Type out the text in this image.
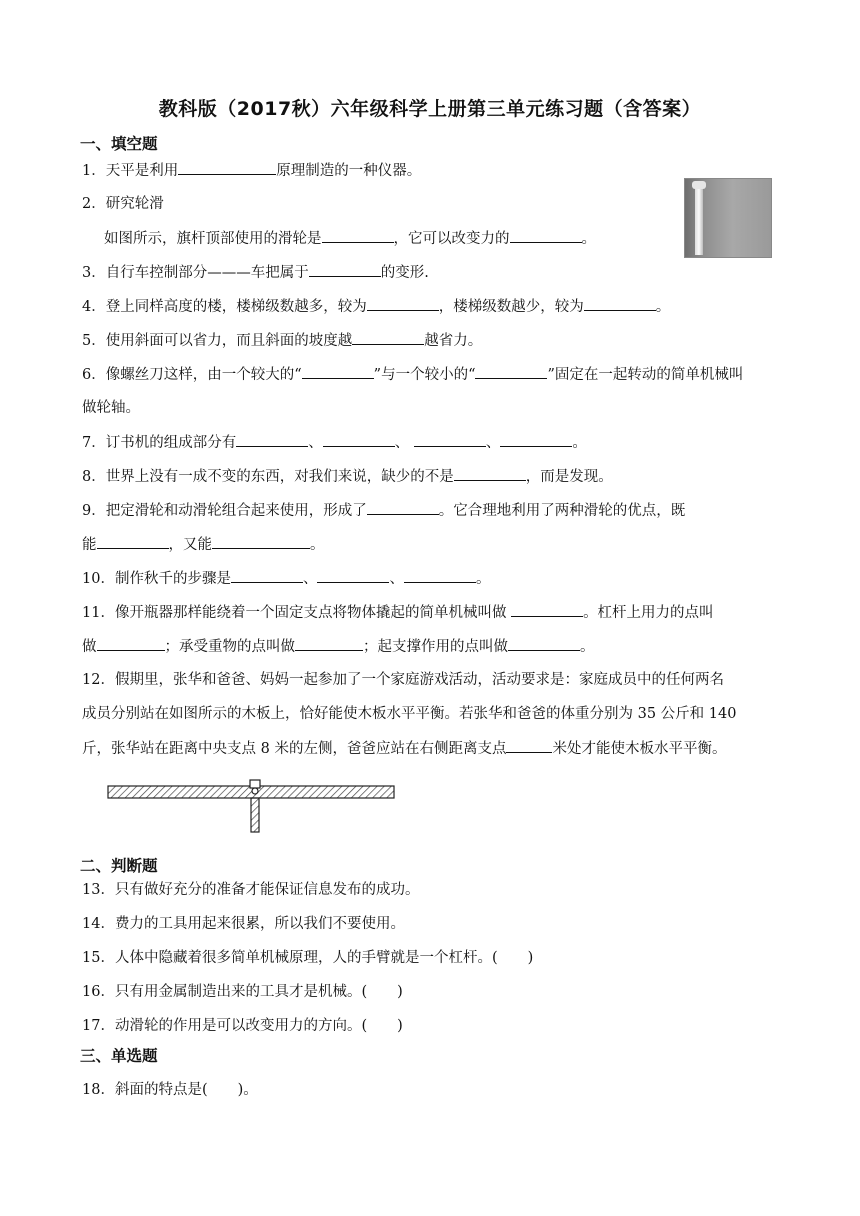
教科版（2017秋）六年级科学上册第三单元练习题（含答案）
一、填空题
1．天平是利用	原理制造的一种仪器。
2．研究轮滑
如图所示，旗杆顶部使用的滑轮是	，它可以改变力的	。
3．自行车控制部分———车把属于	的变形.
4．登上同样高度的楼，楼梯级数越多，较为	，楼梯级数越少，较为	。
5．使用斜面可以省力，而且斜面的坡度越	越省力。
6．像螺丝刀这样，由一个较大的“	”与一个较小的“	”固定在一起转动的简单机械叫
做轮轴。
7．订书机的组成部分有	、	、	、	。
8．世界上没有一成不变的东西，对我们来说，缺少的不是	，而是发现。
9．把定滑轮和动滑轮组合起来使用，形成了	。它合理地利用了两种滑轮的优点，既
能	，又能	。
10．制作秋千的步骤是	、	、	。
11．像开瓶器那样能绕着一个固定支点将物体撬起的简单机械叫做	。杠杆上用力的点叫
做	；承受重物的点叫做	；起支撑作用的点叫做	。
12．假期里，张华和爸爸、妈妈一起参加了一个家庭游戏活动，活动要求是：家庭成员中的任何两名
成员分别站在如图所示的木板上，恰好能使木板水平平衡。若张华和爸爸的体重分别为 35 公斤和 140
斤，张华站在距离中央支点 8 米的左侧，爸爸应站在右侧距离支点	米处才能使木板水平平衡。
二、判断题
13．只有做好充分的准备才能保证信息发布的成功。
14．费力的工具用起来很累，所以我们不要使用。
15．人体中隐藏着很多简单机械原理，人的手臂就是一个杠杆。( )
16．只有用金属制造出来的工具才是机械。( )
17．动滑轮的作用是可以改变用力的方向。( )
三、单选题
18．斜面的特点是( )。
